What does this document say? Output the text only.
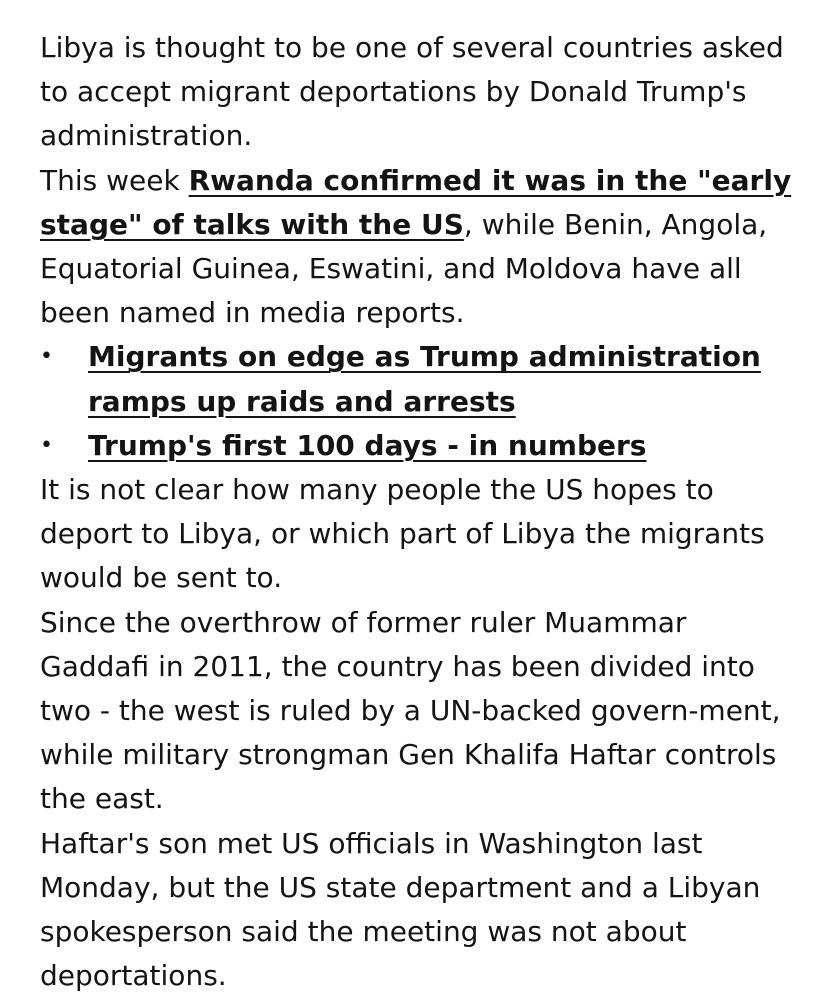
Libya is thought to be one of several countries asked to accept migrant deportations by Donald Trump's administration.

This week Rwanda confirmed it was in the "early stage" of talks with the US, while Benin, Angola, Equatorial Guinea, Eswatini, and Moldova have all been named in media reports.

• Migrants on edge as Trump administration ramps up raids and arrests
• Trump's first 100 days - in numbers

It is not clear how many people the US hopes to deport to Libya, or which part of Libya the migrants would be sent to.

Since the overthrow of former ruler Muammar Gaddafi in 2011, the country has been divided into two - the west is ruled by a UN-backed govern-ment, while military strongman Gen Khalifa Haftar controls the east.

Haftar's son met US officials in Washington last Monday, but the US state department and a Libyan spokesperson said the meeting was not about deportations.
